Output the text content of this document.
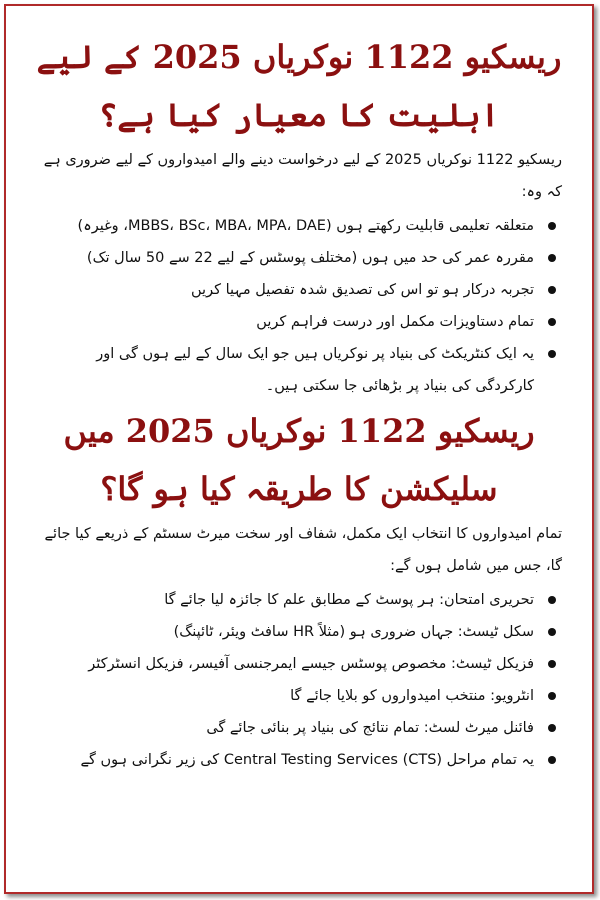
ریسکیو 1122 نوکریاں 2025 کے لیے اہلیت کا معیار کیا ہے؟

ریسکیو 1122 نوکریاں 2025 کے لیے درخواست دینے والے امیدواروں کے لیے ضروری ہے کہ وہ:

متعلقہ تعلیمی قابلیت رکھتے ہوں (MBBS، BSc، MBA، MPA، DAE، وغیرہ)
مقررہ عمر کی حد میں ہوں (مختلف پوسٹس کے لیے 22 سے 50 سال تک)
تجربہ درکار ہو تو اس کی تصدیق شدہ تفصیل مہیا کریں
تمام دستاویزات مکمل اور درست فراہم کریں
یہ ایک کنٹریکٹ کی بنیاد پر نوکریاں ہیں جو ایک سال کے لیے ہوں گی اور کارکردگی کی بنیاد پر بڑھائی جا سکتی ہیں۔
ریسکیو 1122 نوکریاں 2025 میں سلیکشن کا طریقہ کیا ہو گا؟

تمام امیدواروں کا انتخاب ایک مکمل، شفاف اور سخت میرٹ سسٹم کے ذریعے کیا جائے گا، جس میں شامل ہوں گے:

تحریری امتحان: ہر پوسٹ کے مطابق علم کا جائزہ لیا جائے گا
سکل ٹیسٹ: جہاں ضروری ہو (مثلاً HR سافٹ ویئر، ٹائپنگ)
فزیکل ٹیسٹ: مخصوص پوسٹس جیسے ایمرجنسی آفیسر، فزیکل انسٹرکٹر
انٹرویو: منتخب امیدواروں کو بلایا جائے گا
فائنل میرٹ لسٹ: تمام نتائج کی بنیاد پر بنائی جائے گی
یہ تمام مراحل Central Testing Services (CTS) کی زیر نگرانی ہوں گے
